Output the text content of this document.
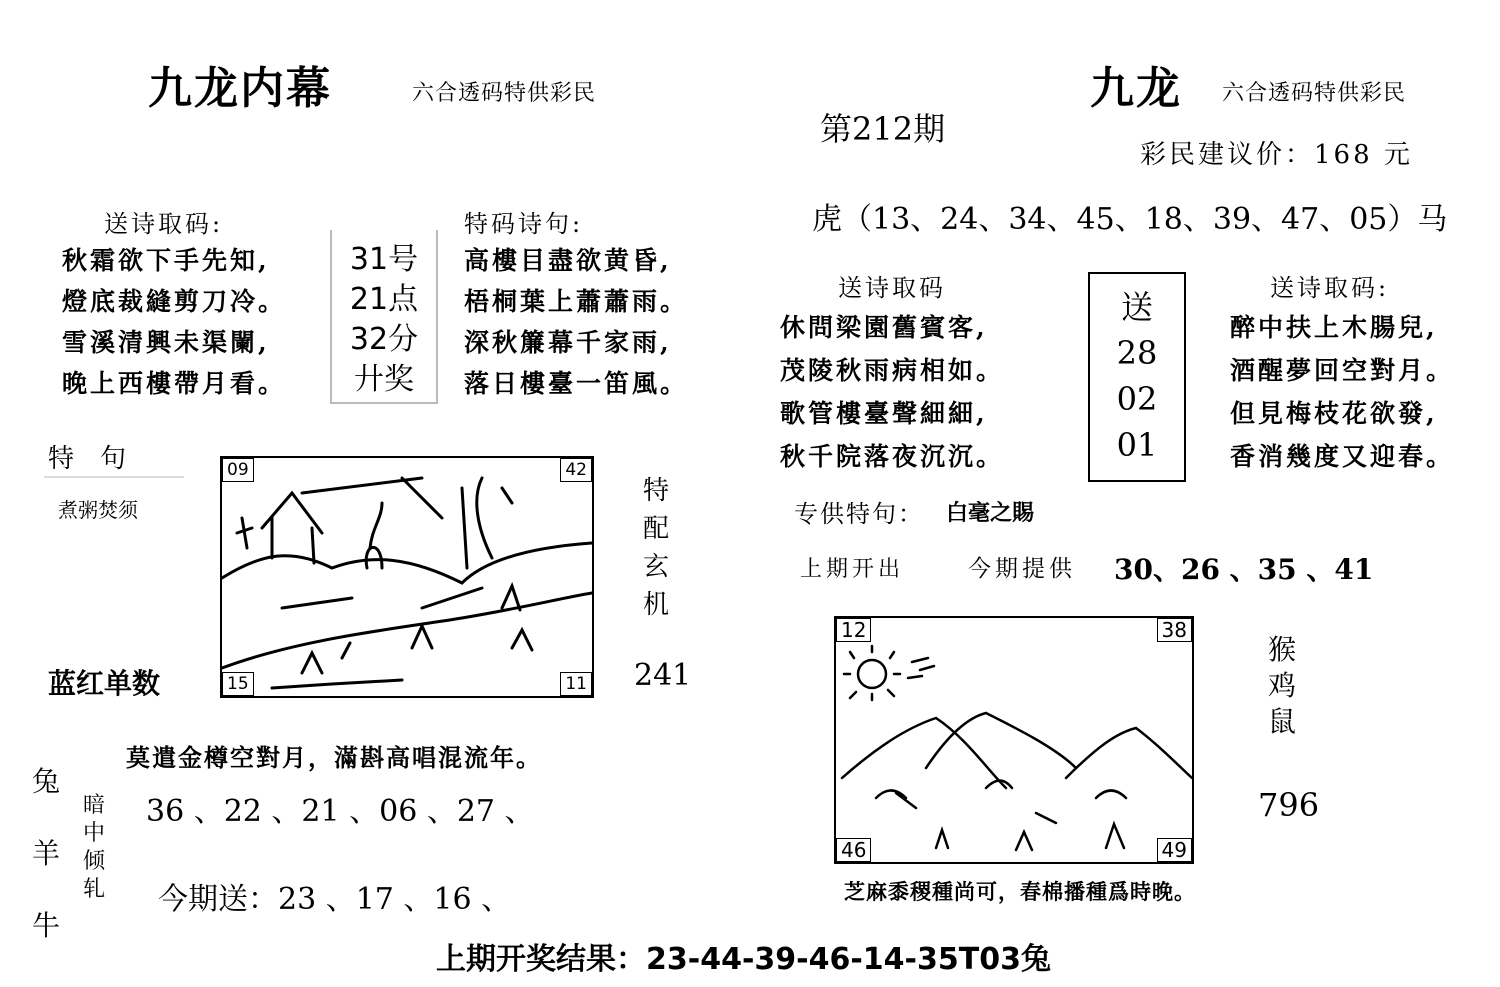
九龙内幕	六合透码特供彩民
送诗取码:
秋霜欲下手先知,
燈底裁縫剪刀冷。
雪溪清興未渠闌,
晚上西樓帶月看。
31号
21点
32分
廾奖
特码诗句:
高樓目盡欲黄昏,
梧桐葉上蕭蕭雨。
深秋簾幕千家雨,
落日樓臺一笛風。
特　句
煮粥焚须
09	42
15	11
特
配
玄
机
蓝红单数	241
莫遣金樽空對月，滿斟高唱混流年。
兔
羊
牛
暗
中
倾
轧
36 、22 、21 、06 、27 、
今期送：23 、17 、16 、
九龙 六合透码特供彩民
第212期
彩民建议价：168 元
虎（13、24、34、45、18、39、47、05）马
送诗取码
休問梁園舊賓客,
茂陵秋雨病相如。
歌管樓臺聲細細,
秋千院落夜沉沉。
送
28
02
01
送诗取码:
醉中扶上木腸兒,
酒醒夢回空對月。
但見梅枝花欲發,
香消幾度又迎春。
专供特句： 白毫之賜
上期开出	今期提供 30、26 、35 、41
12	38
46	49
猴
鸡
鼠
796
芝麻黍稷種尚可，春棉播種爲時晚。
上期开奖结果：23-44-39-46-14-35T03兔
